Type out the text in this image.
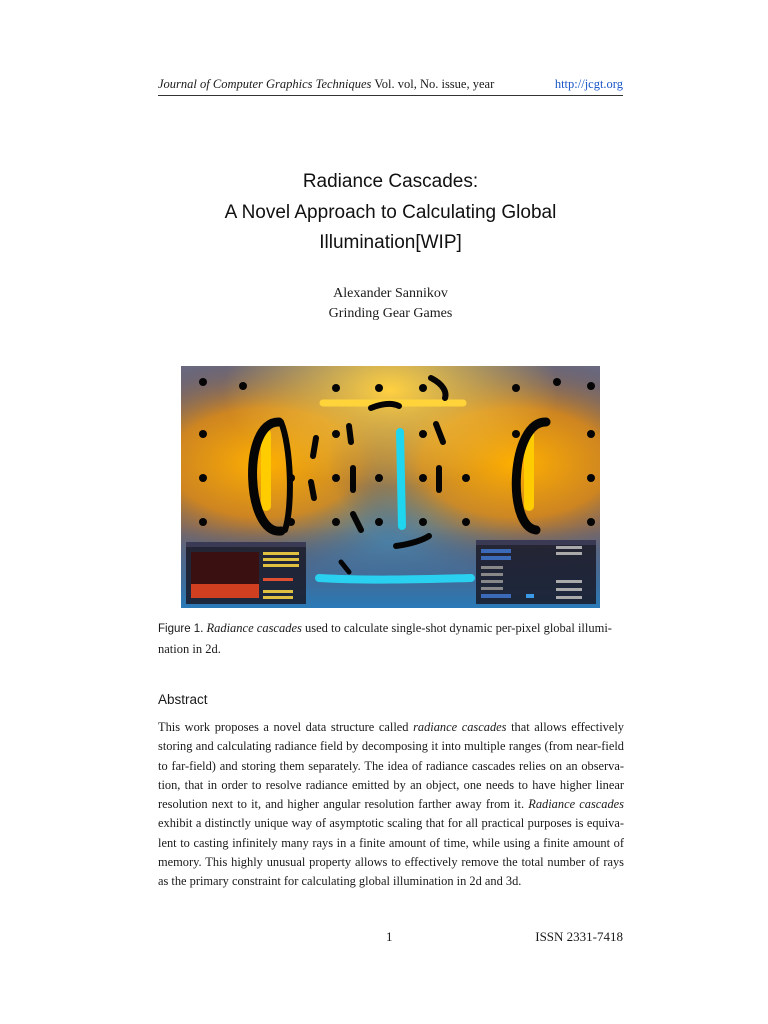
Journal of Computer Graphics Techniques Vol. vol, No. issue, year	http://jcgt.org
Radiance Cascades:
A Novel Approach to Calculating Global
Illumination[WIP]
Alexander Sannikov
Grinding Gear Games
Figure 1. Radiance cascades used to calculate single-shot dynamic per-pixel global illumi-
nation in 2d.
Abstract
This work proposes a novel data structure called radiance cascades that allows effectively
storing and calculating radiance field by decomposing it into multiple ranges (from near-field
to far-field) and storing them separately. The idea of radiance cascades relies on an observa-
tion, that in order to resolve radiance emitted by an object, one needs to have higher linear
resolution next to it, and higher angular resolution farther away from it. Radiance cascades
exhibit a distinctly unique way of asymptotic scaling that for all practical purposes is equiva-
lent to casting infinitely many rays in a finite amount of time, while using a finite amount of
memory. This highly unusual property allows to effectively remove the total number of rays
as the primary constraint for calculating global illumination in 2d and 3d.
1	ISSN 2331-7418
